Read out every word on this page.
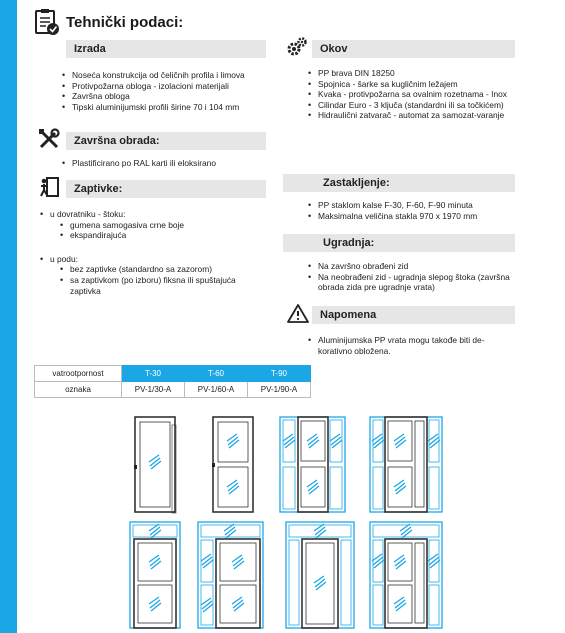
Tehnički podaci:
Izrada
• Noseća konstrukcija od čeličnih profila i limova
• Protivpožarna obloga - izolacioni materijali
• Završna obloga
• Tipski aluminijumski profili širine 70 i 104 mm
Završna obrada:
• Plastificirano po RAL karti ili eloksirano
Zaptivke:
• u dovratniku - štoku:
• gumena samogasiva crne boje
• ekspandirajuća
• u podu:
• bez zaptivke (standardno sa zazorom)
• sa zaptivkom (po izboru) fiksna ili spuštajuća zaptivka
Okov
• PP brava DIN 18250
• Spojnica - šarke sa kugličnim ležajem
• Kvaka - protivpožarna sa ovalnim rozetnama - Inox
• Cilindar Euro - 3 ključa (standardni ili sa točkićem)
• Hidraulični zatvarač - automat za samozat-varanje
Zastakljenje:
• PP staklom kalse F-30, F-60, F-90 minuta
• Maksimalna veličina stakla 970 x 1970 mm
Ugradnja:
• Na završno obrađeni zid
• Na neobrađeni zid - ugradnja slepog štoka (završna obrada zida pre ugradnje vrata)
Napomena
• Aluminijumska PP vrata mogu takođe biti de-korativno obložena.
vatrootpornost	T-30	T-60	T-90
oznaka	PV-1/30-A	PV-1/60-A	PV-1/90-A
